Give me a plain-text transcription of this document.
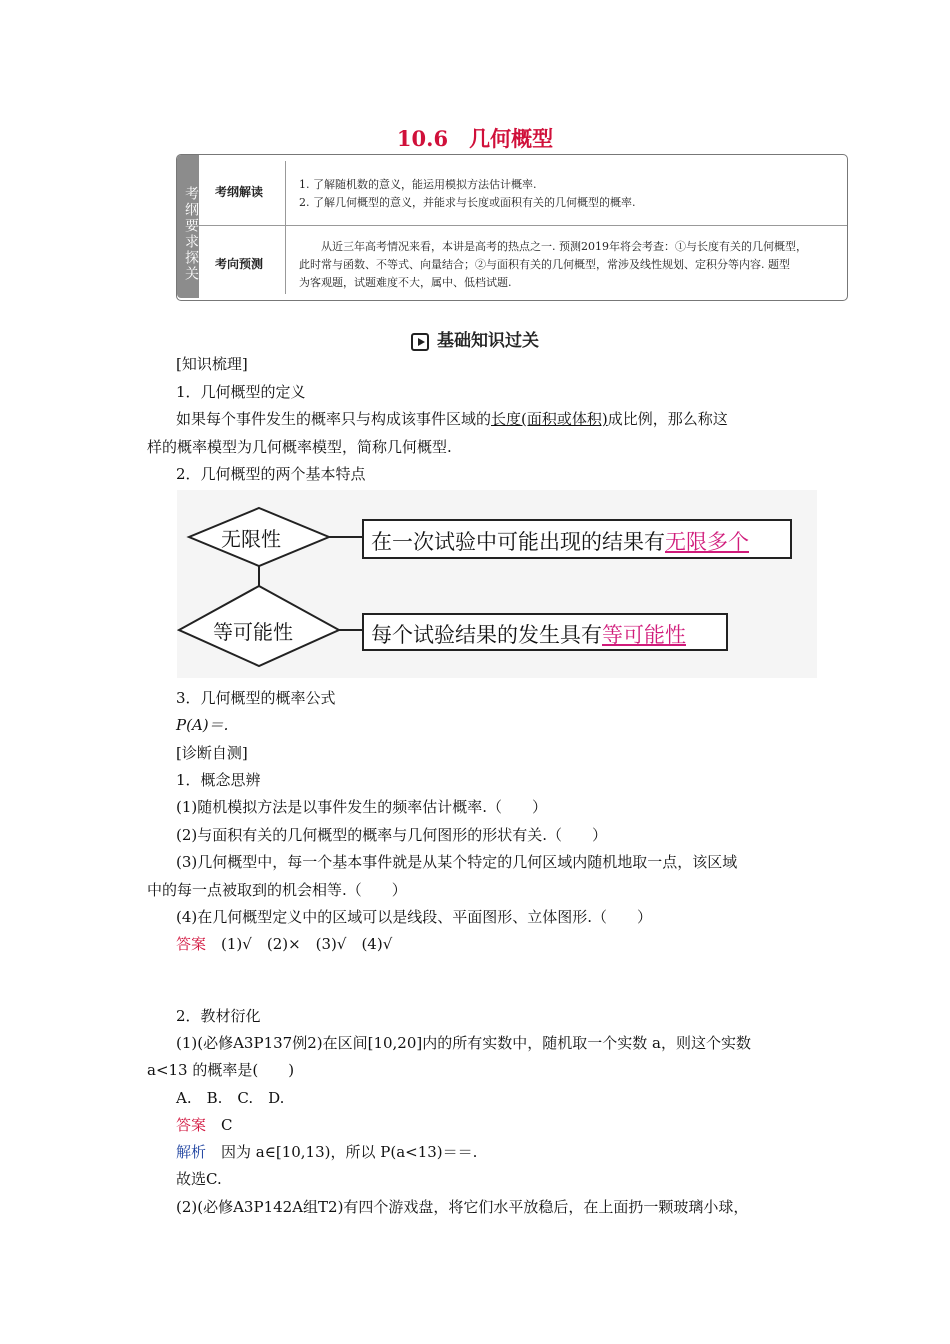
10.6　几何概型
考纲要求探关 考纲解读
1. 了解随机数的意义，能运用模拟方法估计概率.
2. 了解几何概型的意义，并能求与长度或面积有关的几何概型的概率.
考向预测
　　从近三年高考情况来看，本讲是高考的热点之一. 预测2019年将会考查：①与长度有关的几何概型，
此时常与函数、不等式、向量结合；②与面积有关的几何概型，常涉及线性规划、定积分等内容. 题型
为客观题，试题难度不大，属中、低档试题.
基础知识过关

[知识梳理]

1．几何概型的定义

如果每个事件发生的概率只与构成该事件区域的长度(面积或体积)成比例，那么称这

样的概率模型为几何概率模型，简称几何概型.

2．几何概型的两个基本特点

无限性
等可能性
在一次试验中可能出现的结果有无限多个
每个试验结果的发生具有等可能性

3．几何概型的概率公式

P(A)＝.

[诊断自测]

1．概念思辨

(1)随机模拟方法是以事件发生的频率估计概率.（　　）

(2)与面积有关的几何概型的概率与几何图形的形状有关.（　　）

(3)几何概型中，每一个基本事件就是从某个特定的几何区域内随机地取一点，该区域

中的每一点被取到的机会相等.（　　）

(4)在几何概型定义中的区域可以是线段、平面图形、立体图形.（　　）

答案　 (1)√　(2)×　(3)√　(4)√

2．教材衍化

(1)(必修A3P137例2)在区间[10,20]内的所有实数中，随机取一个实数 a，则这个实数

a<13 的概率是(　　)

A.　B.　C.　D.

答案　 C

解析　 因为 a∈[10,13)，所以 P(a<13)＝＝.

故选C.

(2)(必修A3P142A组T2)有四个游戏盘，将它们水平放稳后，在上面扔一颗玻璃小球，
